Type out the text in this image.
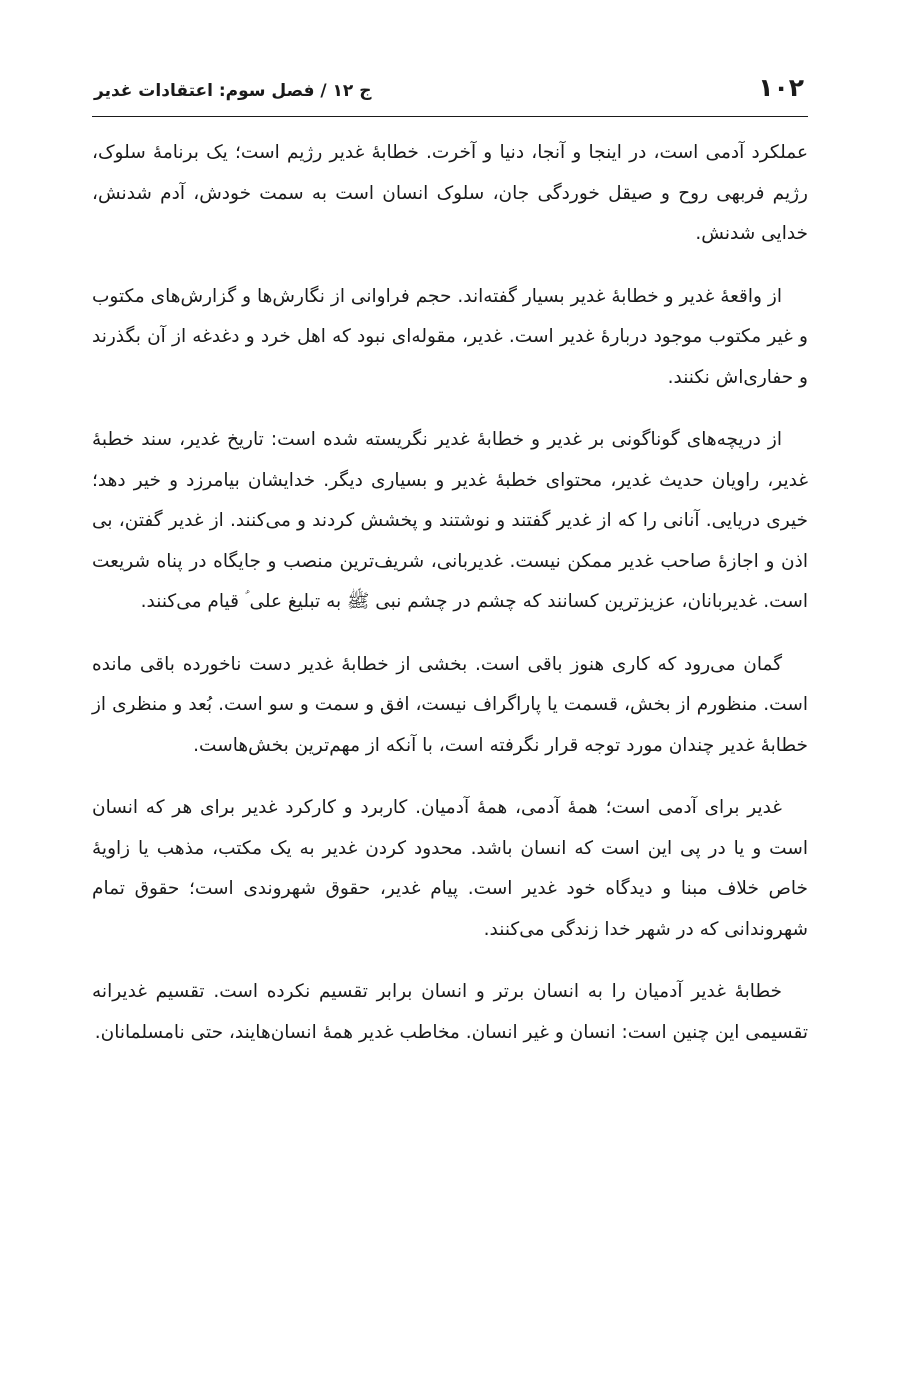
۱۰۲
ج ۱۲ / فصل سوم: اعتقادات غدیر

عملکرد آدمی است، در اینجا و آنجا، دنیا و آخرت. خطابهٔ غدیر رژیم است؛ یک برنامهٔ سلوک، رژیم فربهی روح و صیقل خوردگی جان، سلوک انسان است به سمت خودش، آدم شدنش، خدایی شدنش.

از واقعهٔ غدیر و خطابهٔ غدیر بسیار گفته‌اند. حجم فراوانی از نگارش‌ها و گزارش‌های مکتوب و غیر مکتوب موجود دربارهٔ غدیر است. غدیر، مقوله‌ای نبود که اهل خرد و دغدغه از آن بگذرند و حفاری‌اش نکنند.

از دریچه‌های گوناگونی بر غدیر و خطابهٔ غدیر نگریسته شده است: تاریخ غدیر، سند خطبهٔ غدیر، راویان حدیث غدیر، محتوای خطبهٔ غدیر و بسیاری دیگر. خدایشان بیامرزد و خیر دهد؛ خیری دریایی. آنانی را که از غدیر گفتند و نوشتند و پخشش کردند و می‌کنند. از غدیر گفتن، بی اذن و اجازهٔ صاحب غدیر ممکن نیست. غدیربانی، شریف‌ترین منصب و جایگاه در پناه شریعت است. غدیربانان، عزیزترین کسانند که چشم در چشم نبی ﷺ به تبلیغ علی ؑ قیام می‌کنند.

گمان می‌رود که کاری هنوز باقی است. بخشی از خطابهٔ غدیر دست ناخورده باقی مانده است. منظورم از بخش، قسمت یا پاراگراف نیست، افق و سمت و سو است. بُعد و منظری از خطابهٔ غدیر چندان مورد توجه قرار نگرفته است، با آنکه از مهم‌ترین بخش‌هاست.

غدیر برای آدمی است؛ همهٔ آدمی، همهٔ آدمیان. کاربرد و کارکرد غدیر برای هر که انسان است و یا در پی این است که انسان باشد. محدود کردن غدیر به یک مکتب، مذهب یا زاویهٔ خاص خلاف مبنا و دیدگاه خود غدیر است. پیام غدیر، حقوق شهروندی است؛ حقوق تمام شهروندانی که در شهر خدا زندگی می‌کنند.

خطابهٔ غدیر آدمیان را به انسان برتر و انسان برابر تقسیم نکرده است. تقسیم غدیرانه تقسیمی این چنین است: انسان و غیر انسان. مخاطب غدیر همهٔ انسان‌هایند، حتی نامسلمانان.
